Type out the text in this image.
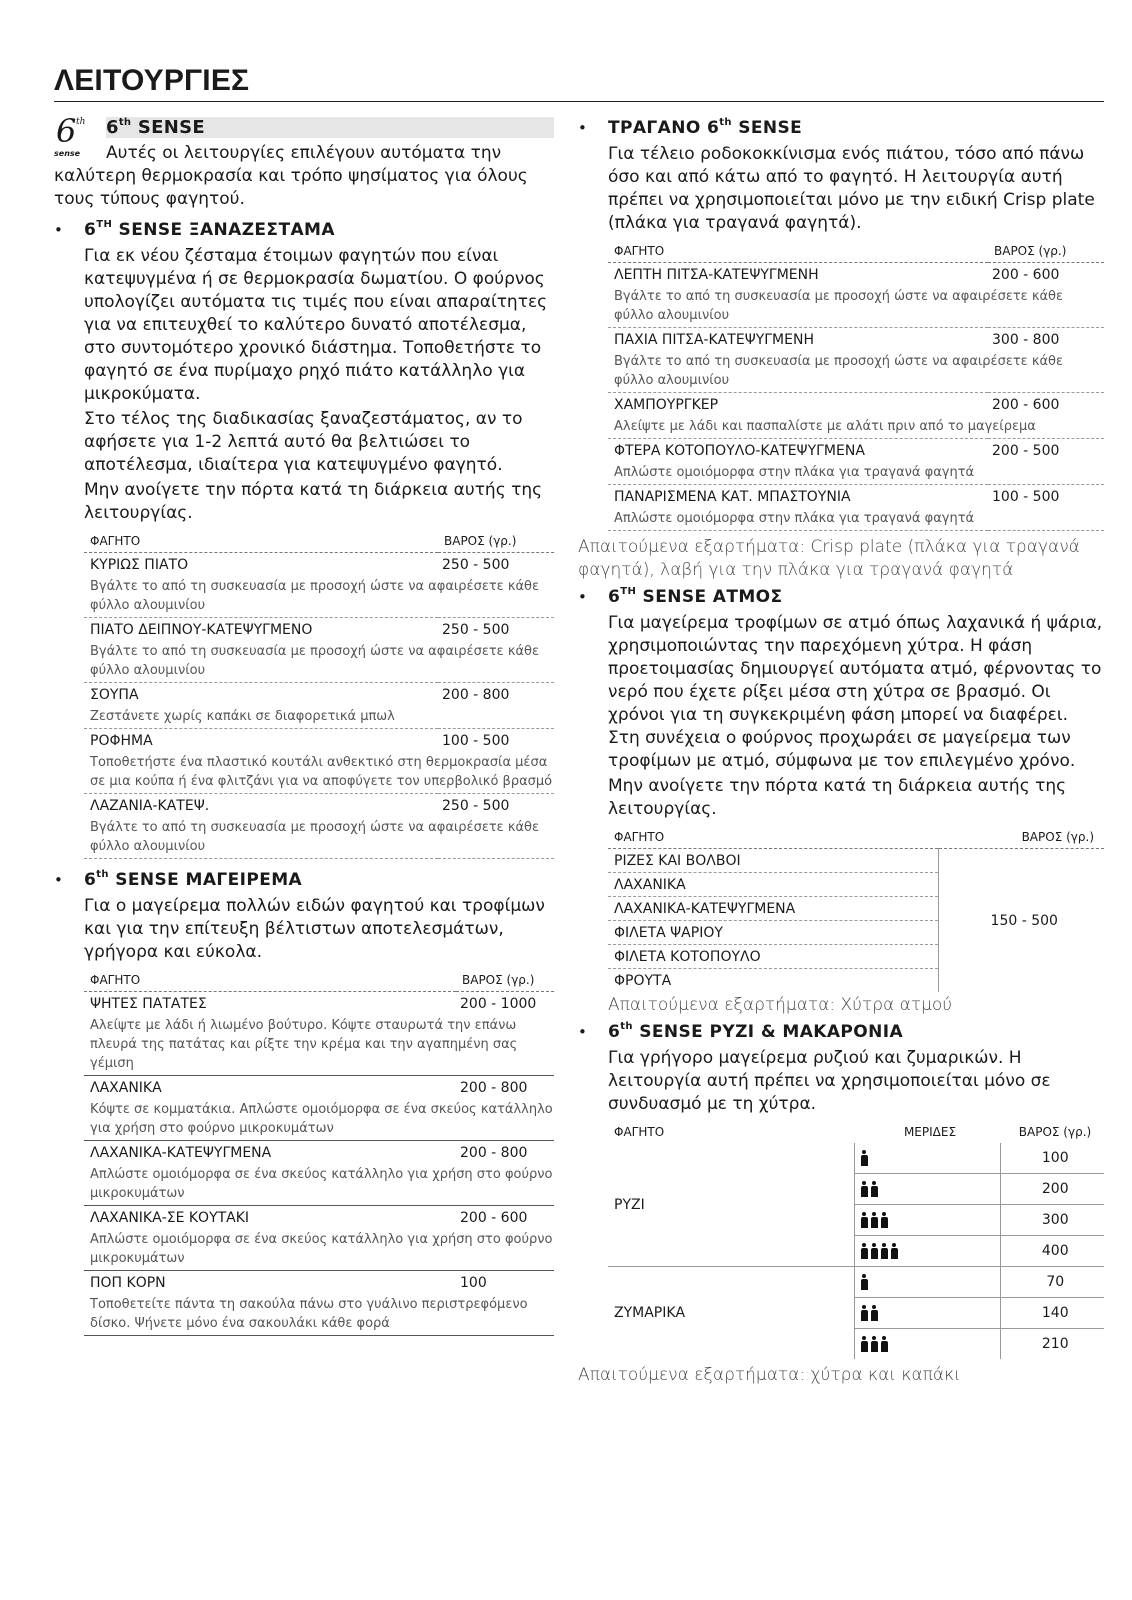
ΛΕΙΤΟΥΡΓΙΕΣ
6 th
sense
6th SENSE

Αυτές οι λειτουργίες επιλέγουν αυτόματα την καλύτερη θερμοκρασία και τρόπο ψησίματος για όλους τους τύπους φαγητού.

• 6TH SENSE ΞΑΝΑΖΕΣΤΑΜΑ

Για εκ νέου ζέσταμα έτοιμων φαγητών που είναι κατεψυγμένα ή σε θερμοκρασία δωματίου. Ο φούρνος υπολογίζει αυτόματα τις τιμές που είναι απαραίτητες για να επιτευχθεί το καλύτερο δυνατό αποτέλεσμα, στο συντομότερο χρονικό διάστημα. Τοποθετήστε το φαγητό σε ένα πυρίμαχο ρηχό πιάτο κατάλληλο για μικροκύματα.

Στο τέλος της διαδικασίας ξαναζεστάματος, αν το αφήσετε για 1-2 λεπτά αυτό θα βελτιώσει το αποτέλεσμα, ιδιαίτερα για κατεψυγμένο φαγητό.

Μην ανοίγετε την πόρτα κατά τη διάρκεια αυτής της λειτουργίας.

ΦΑΓΗΤΟ	ΒΑΡΟΣ (γρ.)
ΚΥΡΙΩΣ ΠΙΑΤΟ	250 - 500
Βγάλτε το από τη συσκευασία με προσοχή ώστε να αφαιρέσετε κάθε φύλλο αλουμινίου	
ΠΙΑΤΟ ΔΕΙΠΝΟΥ-ΚΑΤΕΨΥΓΜΕΝΟ	250 - 500
Βγάλτε το από τη συσκευασία με προσοχή ώστε να αφαιρέσετε κάθε φύλλο αλουμινίου	
ΣΟΥΠΑ	200 - 800
Ζεστάνετε χωρίς καπάκι σε διαφορετικά μπωλ	
ΡΟΦΗΜΑ	100 - 500
Τοποθετήστε ένα πλαστικό κουτάλι ανθεκτικό στη θερμοκρασία μέσα σε μια κούπα ή ένα φλιτζάνι για να αποφύγετε τον υπερβολικό βρασμό	
ΛΑΖΑΝΙΑ-ΚΑΤΕΨ.	250 - 500
Βγάλτε το από τη συσκευασία με προσοχή ώστε να αφαιρέσετε κάθε φύλλο αλουμινίου	
• 6th SENSE ΜΑΓΕΙΡΕΜΑ

Για ο μαγείρεμα πολλών ειδών φαγητού και τροφίμων και για την επίτευξη βέλτιστων αποτελεσμάτων, γρήγορα και εύκολα.

ΦΑΓΗΤΟ	ΒΑΡΟΣ (γρ.)
ΨΗΤΕΣ ΠΑΤΑΤΕΣ	200 - 1000
Αλείψτε με λάδι ή λιωμένο βούτυρο. Κόψτε σταυρωτά την επάνω πλευρά της πατάτας και ρίξτε την κρέμα και την αγαπημένη σας γέμιση	
ΛΑΧΑΝΙΚΑ	200 - 800
Κόψτε σε κομματάκια. Απλώστε ομοιόμορφα σε ένα σκεύος κατάλληλο για χρήση στο φούρνο μικροκυμάτων	
ΛΑΧΑΝΙΚΑ-ΚΑΤΕΨΥΓΜΕΝΑ	200 - 800
Απλώστε ομοιόμορφα σε ένα σκεύος κατάλληλο για χρήση στο φούρνο μικροκυμάτων	
ΛΑΧΑΝΙΚΑ-ΣΕ ΚΟΥΤΑΚΙ	200 - 600
Απλώστε ομοιόμορφα σε ένα σκεύος κατάλληλο για χρήση στο φούρνο μικροκυμάτων	
ΠΟΠ ΚΟΡΝ	100
Τοποθετείτε πάντα τη σακούλα πάνω στο γυάλινο περιστρεφόμενο δίσκο. Ψήνετε μόνο ένα σακουλάκι κάθε φορά	
• ΤΡΑΓΑΝΟ 6th SENSE

Για τέλειο ροδοκοκκίνισμα ενός πιάτου, τόσο από πάνω όσο και από κάτω από το φαγητό. Η λειτουργία αυτή πρέπει να χρησιμοποιείται μόνο με την ειδική Crisp plate (πλάκα για τραγανά φαγητά).

ΦΑΓΗΤΟ	ΒΑΡΟΣ (γρ.)
ΛΕΠΤΗ ΠΙΤΣΑ-ΚΑΤΕΨΥΓΜΕΝΗ	200 - 600
Βγάλτε το από τη συσκευασία με προσοχή ώστε να αφαιρέσετε κάθε φύλλο αλουμινίου	
ΠΑΧΙΑ ΠΙΤΣΑ-ΚΑΤΕΨΥΓΜΕΝΗ	300 - 800
Βγάλτε το από τη συσκευασία με προσοχή ώστε να αφαιρέσετε κάθε φύλλο αλουμινίου	
ΧΑΜΠΟΥΡΓΚΕΡ	200 - 600
Αλείψτε με λάδι και πασπαλίστε με αλάτι πριν από το μαγείρεμα	
ΦΤΕΡΑ ΚΟΤΟΠΟΥΛΟ-ΚΑΤΕΨΥΓΜΕΝΑ	200 - 500
Απλώστε ομοιόμορφα στην πλάκα για τραγανά φαγητά	
ΠΑΝΑΡΙΣΜΕΝΑ ΚΑΤ. ΜΠΑΣΤΟΥΝΙΑ	100 - 500
Απλώστε ομοιόμορφα στην πλάκα για τραγανά φαγητά	

Απαιτούμενα εξαρτήματα: Crisp plate (πλάκα για τραγανά φαγητά), λαβή για την πλάκα για τραγανά φαγητά

• 6TH SENSE ΑΤΜΟΣ

Για μαγείρεμα τροφίμων σε ατμό όπως λαχανικά ή ψάρια, χρησιμοποιώντας την παρεχόμενη χύτρα. Η φάση προετοιμασίας δημιουργεί αυτόματα ατμό, φέρνοντας το νερό που έχετε ρίξει μέσα στη χύτρα σε βρασμό. Οι χρόνοι για τη συγκεκριμένη φάση μπορεί να διαφέρει. Στη συνέχεια ο φούρνος προχωράει σε μαγείρεμα των τροφίμων με ατμό, σύμφωνα με τον επιλεγμένο χρόνο.

Μην ανοίγετε την πόρτα κατά τη διάρκεια αυτής της λειτουργίας.

ΦΑΓΗΤΟ	ΒΑΡΟΣ (γρ.)
ΡΙΖΕΣ ΚΑΙ ΒΟΛΒΟΙ	150 - 500
ΛΑΧΑΝΙΚΑ	
ΛΑΧΑΝΙΚΑ-ΚΑΤΕΨΥΓΜΕΝΑ	
ΦΙΛΕΤΑ ΨΑΡΙΟΥ	
ΦΙΛΕΤΑ ΚΟΤΟΠΟΥΛΟ	
ΦΡΟΥΤΑ	

Απαιτούμενα εξαρτήματα: Χύτρα ατμού

• 6th SENSE ΡΥΖΙ & ΜΑΚΑΡΟΝΙΑ

Για γρήγορο μαγείρεμα ρυζιού και ζυμαρικών. Η λειτουργία αυτή πρέπει να χρησιμοποιείται μόνο σε συνδυασμό με τη χύτρα.

ΦΑΓΗΤΟ	ΜΕΡΙΔΕΣ	ΒΑΡΟΣ (γρ.)
ΡΥΖΙ		100

		200

		300

		400
ΖΥΜΑΡΙΚΑ		70

		140

		210

Απαιτούμενα εξαρτήματα: χύτρα και καπάκι
